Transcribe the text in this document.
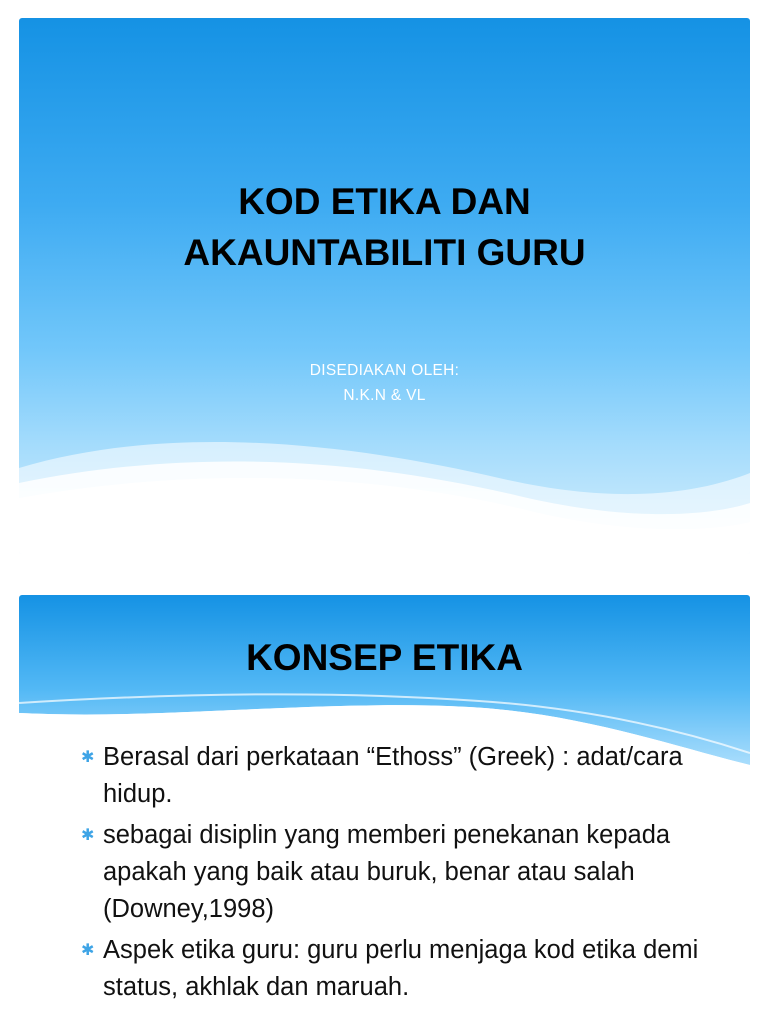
KOD ETIKA DAN
AKAUNTABILITI GURU
DISEDIAKAN OLEH:
N.K.N & VL
KONSEP ETIKA
✱ Berasal dari perkataan “Ethoss” (Greek) : adat/cara hidup.
✱ sebagai disiplin yang memberi penekanan kepada apakah yang baik atau buruk, benar atau salah (Downey,1998)
✱ Aspek etika guru: guru perlu menjaga kod etika demi status, akhlak dan maruah.
